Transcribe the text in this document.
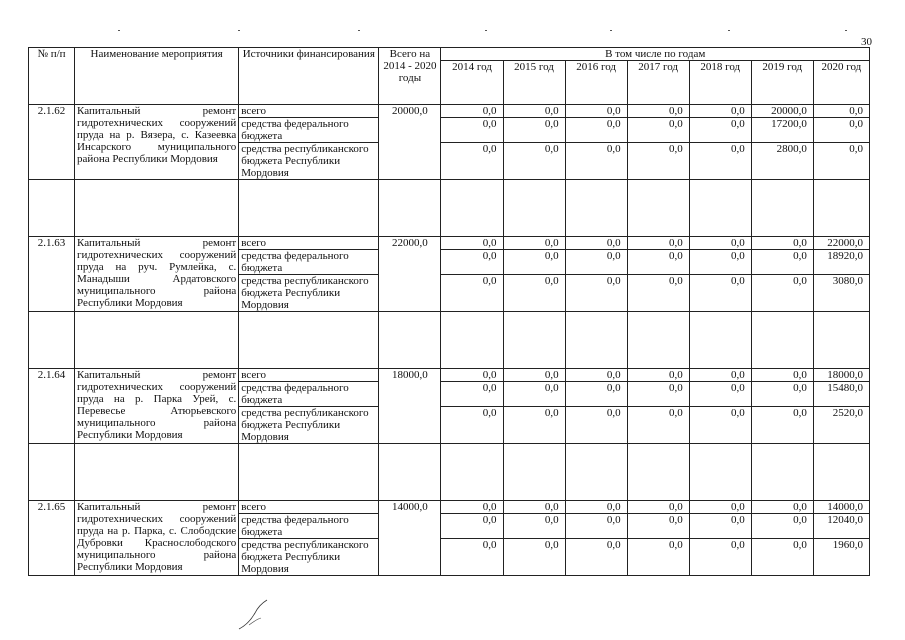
30
№ п/п	Наименование мероприятия	Источники финансирования	Всего на 2014 - 2020 годы	В том числе по годам						
				2014 год	2015 год	2016 год	2017 год	2018 год	2019 год	2020 год
2.1.62	Капитальный ремонт гидротехнических сооружений пруда на р. Вязера, с. Казеевка Инсарского муниципального района Республики Мордовия	всего	20000,0	0,0	0,0	0,0	0,0	0,0	20000,0	0,0
		средства федерального бюджета		0,0	0,0	0,0	0,0	0,0	17200,0	0,0
		средства республиканского бюджета Республики Мордовия		0,0	0,0	0,0	0,0	0,0	2800,0	0,0

2.1.63	Капитальный ремонт гидротехнических сооружений пруда на руч. Румлейка, с. Манадыши Ардатовского муниципального района Республики Мордовия	всего	22000,0	0,0	0,0	0,0	0,0	0,0	0,0	22000,0
		средства федерального бюджета		0,0	0,0	0,0	0,0	0,0	0,0	18920,0
		средства республиканского бюджета Республики Мордовия		0,0	0,0	0,0	0,0	0,0	0,0	3080,0

2.1.64	Капитальный ремонт гидротехнических сооружений пруда на р. Парка Урей, с. Перевесье Атюрьевского муниципального района Республики Мордовия	всего	18000,0	0,0	0,0	0,0	0,0	0,0	0,0	18000,0
		средства федерального бюджета		0,0	0,0	0,0	0,0	0,0	0,0	15480,0
		средства республиканского бюджета Республики Мордовия		0,0	0,0	0,0	0,0	0,0	0,0	2520,0

2.1.65	Капитальный ремонт гидротехнических сооружений пруда на р. Парка, с. Слободские Дубровки Краснослободского муниципального района Республики Мордовия	всего	14000,0	0,0	0,0	0,0	0,0	0,0	0,0	14000,0
		средства федерального бюджета		0,0	0,0	0,0	0,0	0,0	0,0	12040,0
		средства республиканского бюджета Республики Мордовия		0,0	0,0	0,0	0,0	0,0	0,0	1960,0
